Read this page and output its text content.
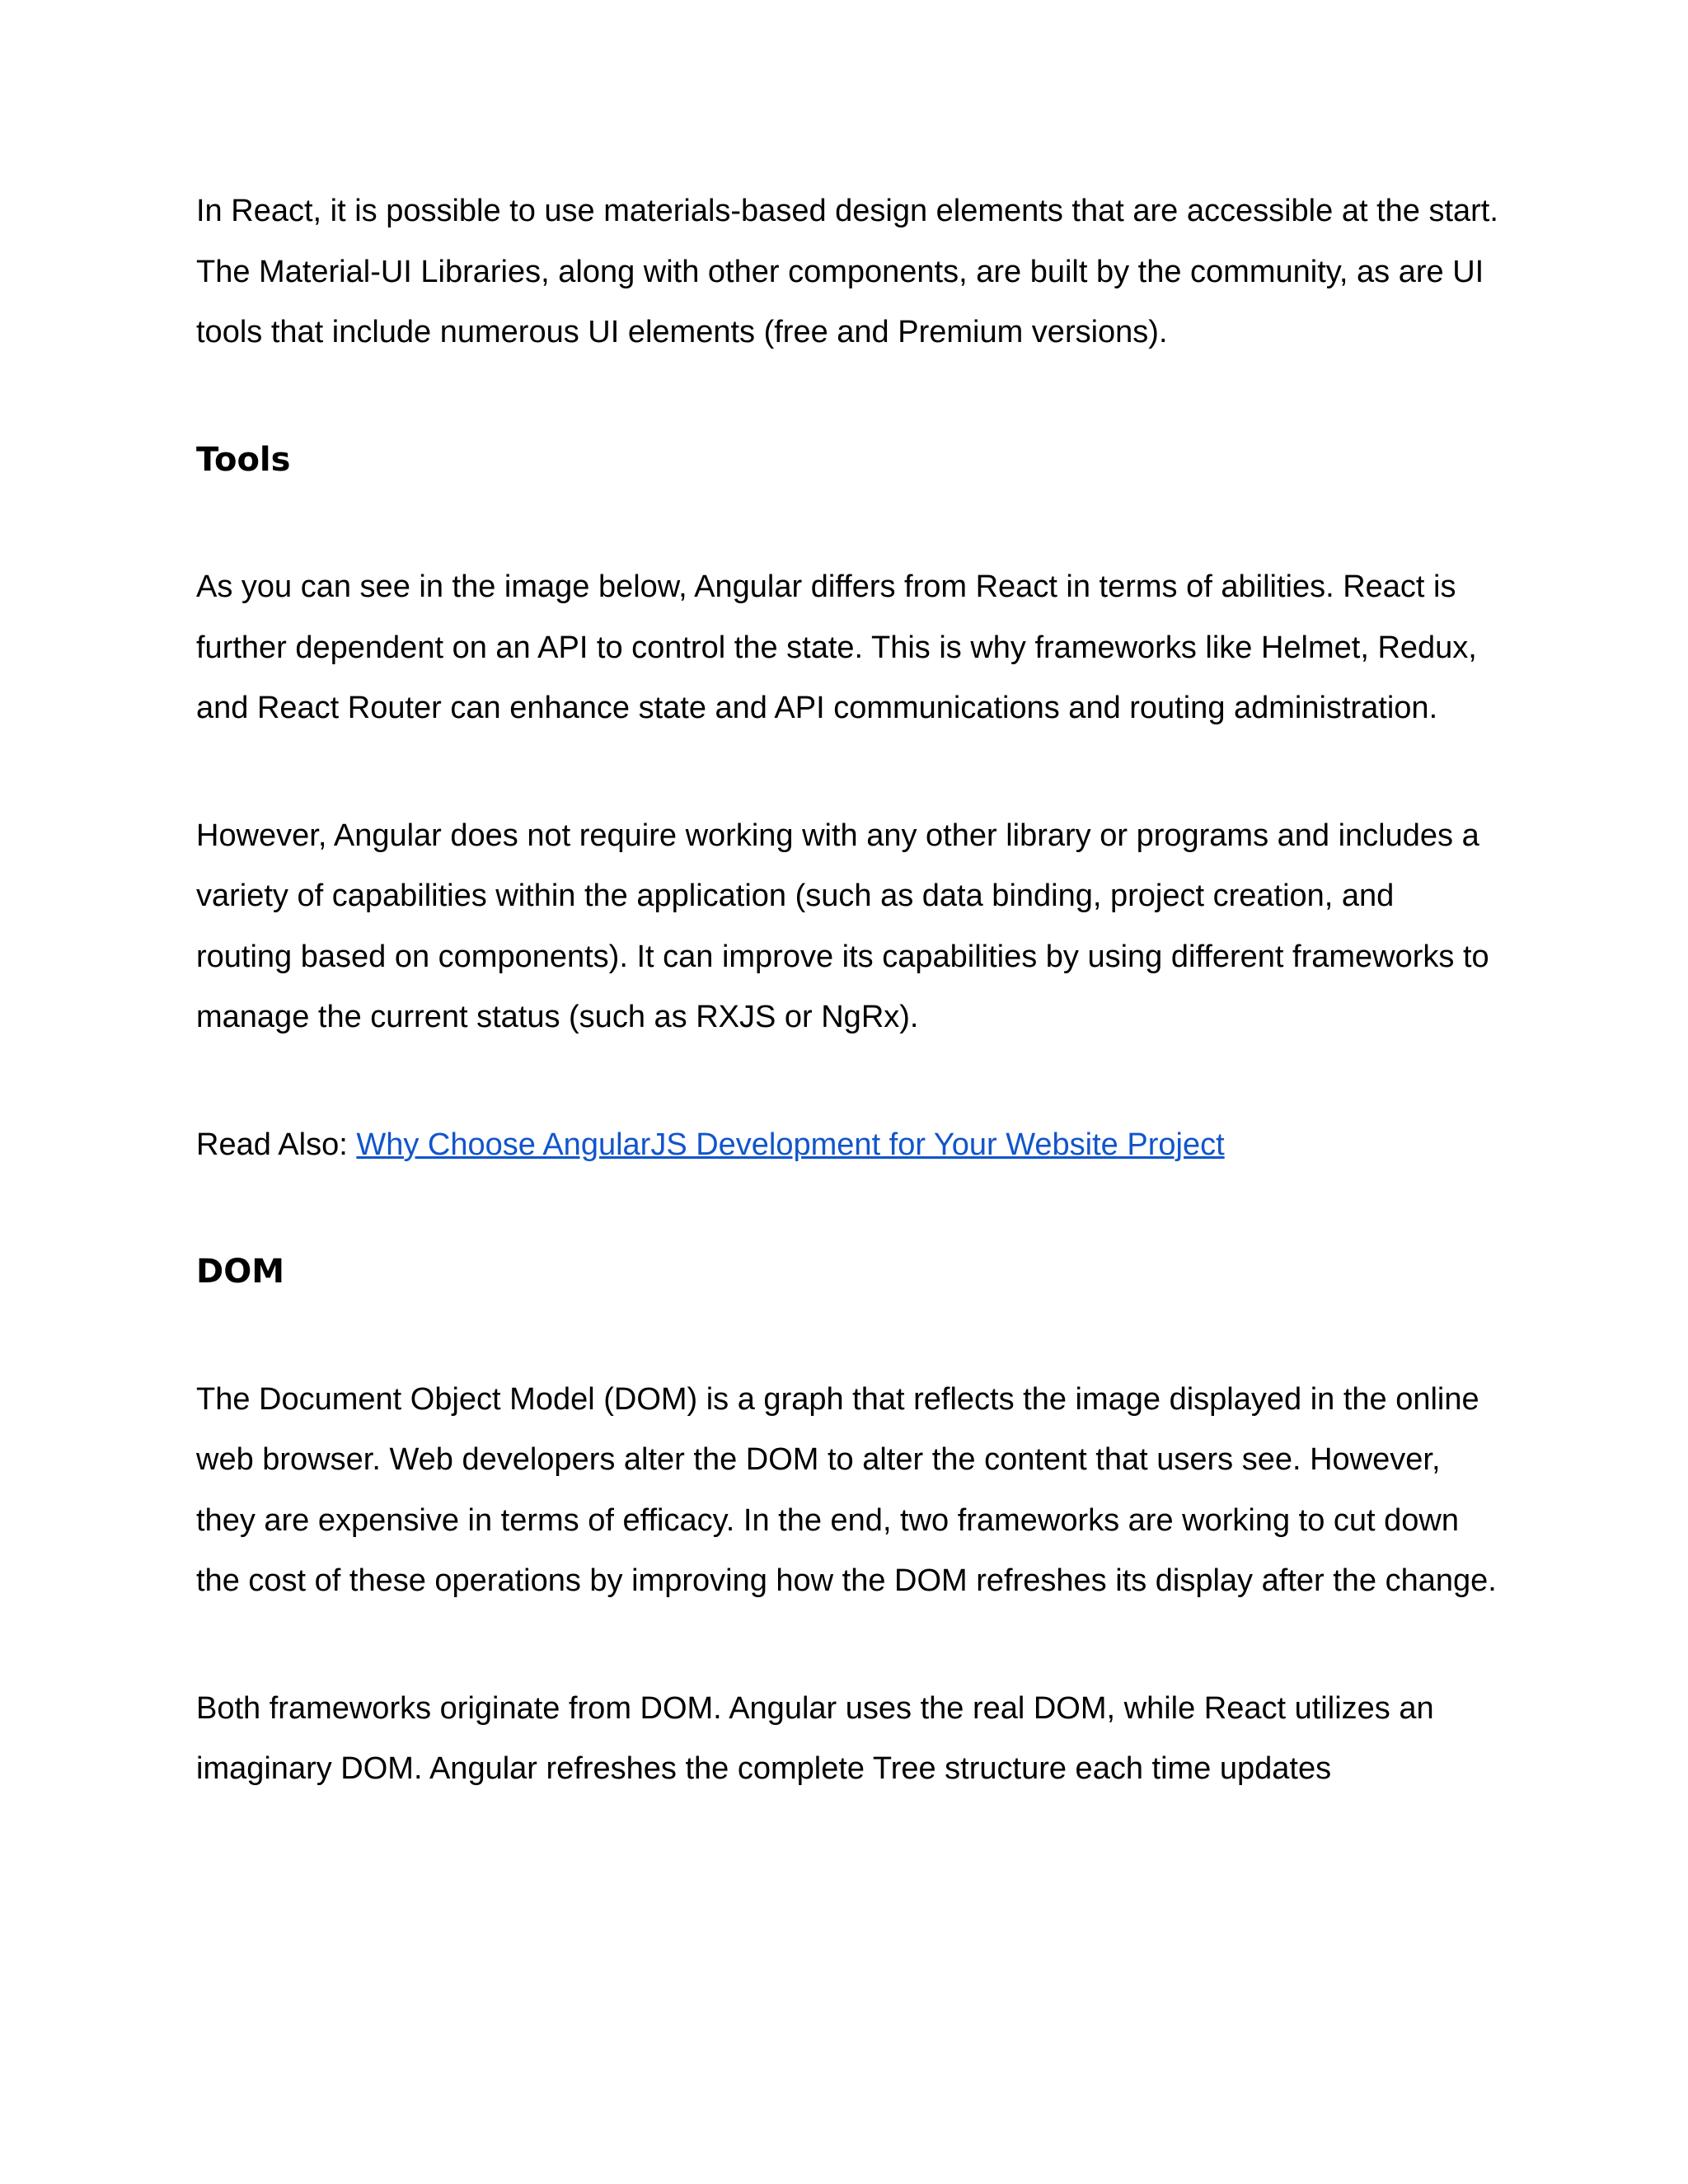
In React, it is possible to use materials-based design elements that are accessible at the start. The Material-UI Libraries, along with other components, are built by the community, as are UI tools that include numerous UI elements (free and Premium versions).

Tools

As you can see in the image below, Angular differs from React in terms of abilities. React is further dependent on an API to control the state. This is why frameworks like Helmet, Redux, and React Router can enhance state and API communications and routing administration.

However, Angular does not require working with any other library or programs and includes a variety of capabilities within the application (such as data binding, project creation, and routing based on components). It can improve its capabilities by using different frameworks to manage the current status (such as RXJS or NgRx).

Read Also: Why Choose AngularJS Development for Your Website Project

DOM

The Document Object Model (DOM) is a graph that reflects the image displayed in the online web browser. Web developers alter the DOM to alter the content that users see. However, they are expensive in terms of efficacy. In the end, two frameworks are working to cut down the cost of these operations by improving how the DOM refreshes its display after the change.

Both frameworks originate from DOM. Angular uses the real DOM, while React utilizes an imaginary DOM. Angular refreshes the complete Tree structure each time updates
